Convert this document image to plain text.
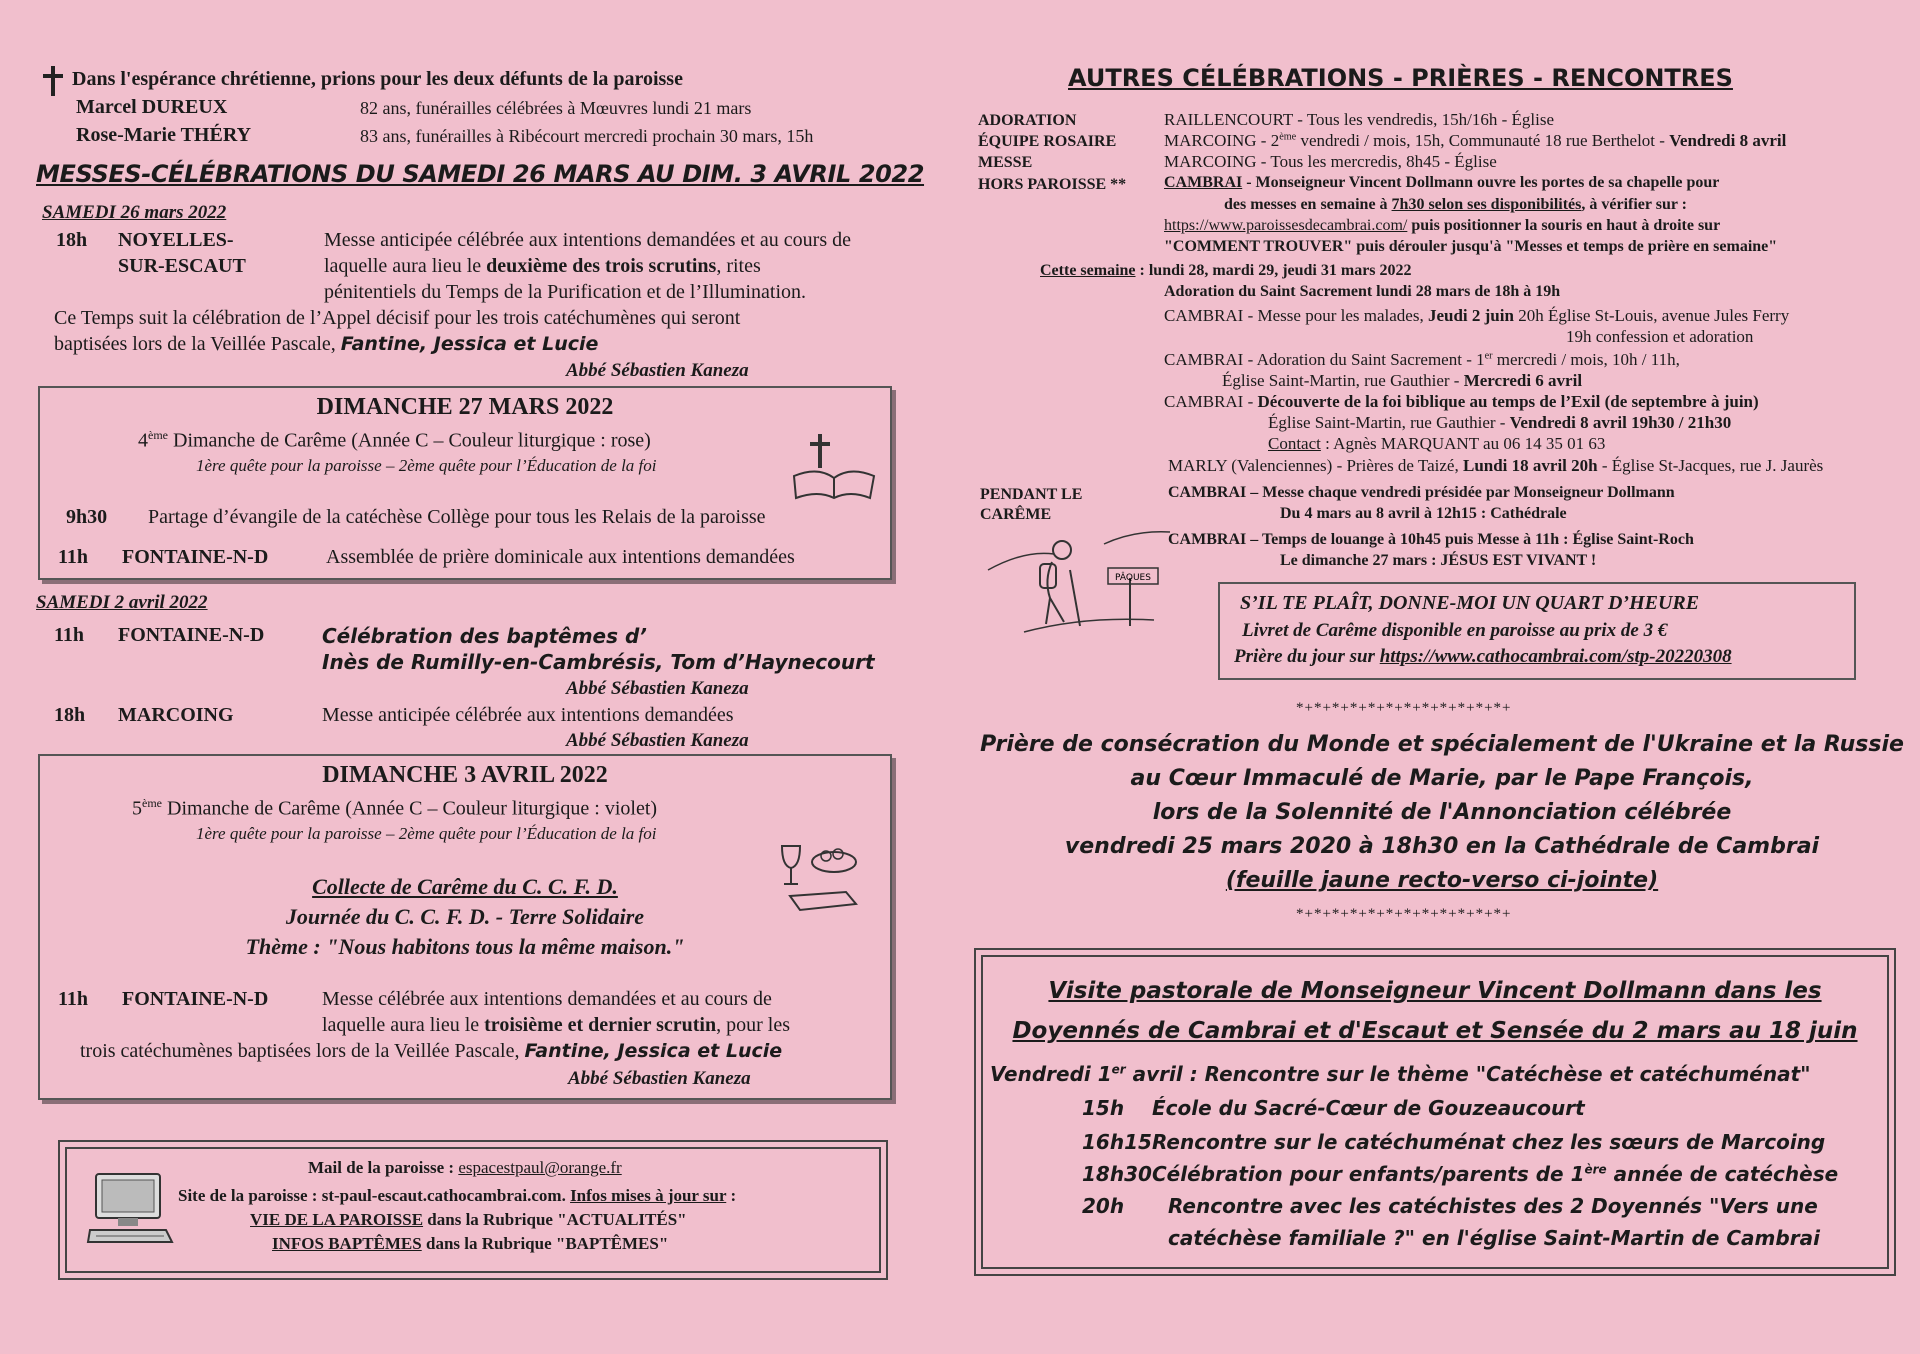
Dans l'espérance chrétienne, prions pour les deux défunts de la paroisse
Marcel DUREUX	82 ans, funérailles célébrées à Mœuvres lundi 21 mars
Rose-Marie THÉRY	83 ans, funérailles à Ribécourt mercredi prochain 30 mars, 15h
MESSES-CÉLÉBRATIONS DU SAMEDI 26 MARS AU DIM. 3 AVRIL 2022
SAMEDI 26 mars 2022
18h NOYELLES-
SUR-ESCAUT
Messe anticipée célébrée aux intentions demandées et au cours de
laquelle aura lieu le deuxième des trois scrutins, rites
pénitentiels du Temps de la Purification et de l’Illumination.
Ce Temps suit la célébration de l’Appel décisif pour les trois catéchumènes qui seront
baptisées lors de la Veillée Pascale, Fantine, Jessica et Lucie
Abbé Sébastien Kaneza
DIMANCHE 27 MARS 2022
4ème Dimanche de Carême (Année C – Couleur liturgique : rose)
1ère quête pour la paroisse – 2ème quête pour l’Éducation de la foi
9h30 Partage d’évangile de la catéchèse Collège pour tous les Relais de la paroisse
11h FONTAINE-N-D	Assemblée de prière dominicale aux intentions demandées
SAMEDI 2 avril 2022
11h FONTAINE-N-D	Célébration des baptêmes d’
Inès de Rumilly-en-Cambrésis, Tom d’Haynecourt
Abbé Sébastien Kaneza
18h MARCOING	Messe anticipée célébrée aux intentions demandées
Abbé Sébastien Kaneza
DIMANCHE 3 AVRIL 2022
5ème Dimanche de Carême (Année C – Couleur liturgique : violet)
1ère quête pour la paroisse – 2ème quête pour l’Éducation de la foi
Collecte de Carême du C. C. F. D.
Journée du C. C. F. D. - Terre Solidaire
Thème : "Nous habitons tous la même maison."
11h FONTAINE-N-D	Messe célébrée aux intentions demandées et au cours de
laquelle aura lieu le troisième et dernier scrutin, pour les
trois catéchumènes baptisées lors de la Veillée Pascale, Fantine, Jessica et Lucie
Abbé Sébastien Kaneza
Mail de la paroisse : espacestpaul@orange.fr
Site de la paroisse : st-paul-escaut.cathocambrai.com. Infos mises à jour sur :
VIE DE LA PAROISSE dans la Rubrique "ACTUALITÉS"
INFOS BAPTÊMES dans la Rubrique "BAPTÊMES"
AUTRES CÉLÉBRATIONS - PRIÈRES - RENCONTRES
ADORATION	RAILLENCOURT - Tous les vendredis, 15h/16h - Église
ÉQUIPE ROSAIRE	MARCOING - 2ème vendredi / mois, 15h, Communauté 18 rue Berthelot - Vendredi 8 avril
MESSE	MARCOING - Tous les mercredis, 8h45 - Église
HORS PAROISSE ** CAMBRAI - Monseigneur Vincent Dollmann ouvre les portes de sa chapelle pour
des messes en semaine à 7h30 selon ses disponibilités, à vérifier sur :
https://www.paroissesdecambrai.com/ puis positionner la souris en haut à droite sur
"COMMENT TROUVER" puis dérouler jusqu'à "Messes et temps de prière en semaine"
Cette semaine : lundi 28, mardi 29, jeudi 31 mars 2022
Adoration du Saint Sacrement lundi 28 mars de 18h à 19h
CAMBRAI - Messe pour les malades, Jeudi 2 juin 20h Église St-Louis, avenue Jules Ferry
19h confession et adoration
CAMBRAI - Adoration du Saint Sacrement - 1er mercredi / mois, 10h / 11h,
Église Saint-Martin, rue Gauthier - Mercredi 6 avril
CAMBRAI - Découverte de la foi biblique au temps de l’Exil (de septembre à juin)
Église Saint-Martin, rue Gauthier - Vendredi 8 avril 19h30 / 21h30
Contact : Agnès MARQUANT au 06 14 35 01 63
MARLY (Valenciennes) - Prières de Taizé, Lundi 18 avril 20h - Église St-Jacques, rue J. Jaurès
PENDANT LE
CARÊME
CAMBRAI – Messe chaque vendredi présidée par Monseigneur Dollmann
Du 4 mars au 8 avril à 12h15 : Cathédrale
CAMBRAI – Temps de louange à 10h45 puis Messe à 11h : Église Saint-Roch
Le dimanche 27 mars : JÉSUS EST VIVANT !
PÂQUES
S’IL TE PLAÎT, DONNE-MOI UN QUART D’HEURE
Livret de Carême disponible en paroisse au prix de 3 €
Prière du jour sur https://www.cathocambrai.com/stp-20220308
*+*+*+*+*+*+*+*+*+*+*+*+
Prière de consécration du Monde et spécialement de l'Ukraine et la Russie
au Cœur Immaculé de Marie, par le Pape François,
lors de la Solennité de l'Annonciation célébrée
vendredi 25 mars 2020 à 18h30 en la Cathédrale de Cambrai
(feuille jaune recto-verso ci-jointe)
*+*+*+*+*+*+*+*+*+*+*+*+
Visite pastorale de Monseigneur Vincent Dollmann dans les
Doyennés de Cambrai et d'Escaut et Sensée du 2 mars au 18 juin
Vendredi 1er avril : Rencontre sur le thème "Catéchèse et catéchuménat"
15h École du Sacré-Cœur de Gouzeaucourt
16h15 Rencontre sur le catéchuménat chez les sœurs de Marcoing
18h30 Célébration pour enfants/parents de 1ère année de catéchèse
20h Rencontre avec les catéchistes des 2 Doyennés "Vers une
catéchèse familiale ?" en l'église Saint-Martin de Cambrai
